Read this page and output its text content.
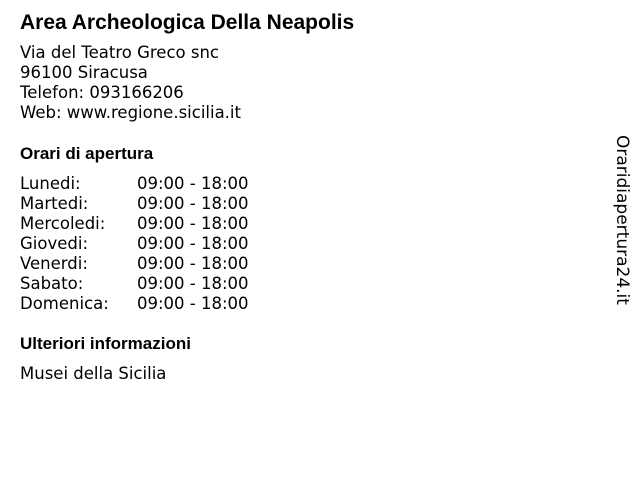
Area Archeologica Della Neapolis
Via del Teatro Greco snc
96100 Siracusa
Telefon: 093166206
Web: www.regione.sicilia.it
Orari di apertura
Lunedi:	09:00 - 18:00
Martedi:	09:00 - 18:00
Mercoledi:	09:00 - 18:00
Giovedi:	09:00 - 18:00
Venerdi:	09:00 - 18:00
Sabato:	09:00 - 18:00
Domenica:	09:00 - 18:00
Ulteriori informazioni
Musei della Sicilia
Oraridiapertura24.it
